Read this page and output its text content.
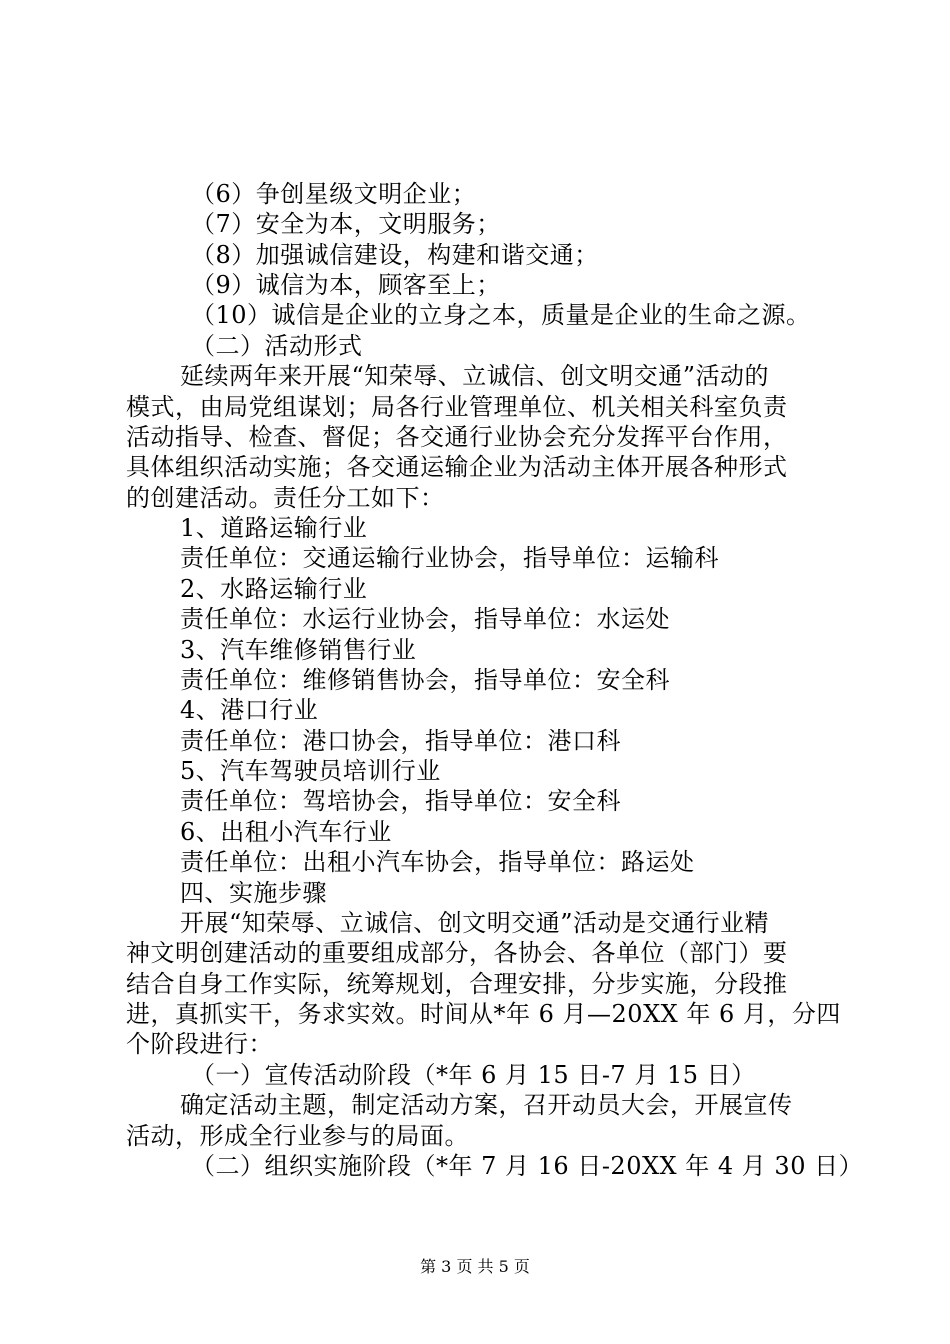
（6）争创星级文明企业；
（7）安全为本，文明服务；
（8）加强诚信建设，构建和谐交通；
（9）诚信为本，顾客至上；
（10）诚信是企业的立身之本，质量是企业的生命之源。
（二）活动形式
延续两年来开展“知荣辱、立诚信、创文明交通”活动的
模式，由局党组谋划；局各行业管理单位、机关相关科室负责
活动指导、检查、督促；各交通行业协会充分发挥平台作用，
具体组织活动实施；各交通运输企业为活动主体开展各种形式
的创建活动。责任分工如下：
1、道路运输行业
责任单位：交通运输行业协会，指导单位：运输科
2、水路运输行业
责任单位：水运行业协会，指导单位：水运处
3、汽车维修销售行业
责任单位：维修销售协会，指导单位：安全科
4、港口行业
责任单位：港口协会，指导单位：港口科
5、汽车驾驶员培训行业
责任单位：驾培协会，指导单位：安全科
6、出租小汽车行业
责任单位：出租小汽车协会，指导单位：路运处
四、实施步骤
开展“知荣辱、立诚信、创文明交通”活动是交通行业精
神文明创建活动的重要组成部分，各协会、各单位（部门）要
结合自身工作实际，统筹规划，合理安排，分步实施，分段推
进，真抓实干，务求实效。时间从*年 6 月—20XX 年 6 月，分四
个阶段进行：
（一）宣传活动阶段（*年 6 月 15 日-7 月 15 日）
确定活动主题，制定活动方案，召开动员大会，开展宣传
活动，形成全行业参与的局面。
（二）组织实施阶段（*年 7 月 16 日-20XX 年 4 月 30 日）
第 3 页 共 5 页
